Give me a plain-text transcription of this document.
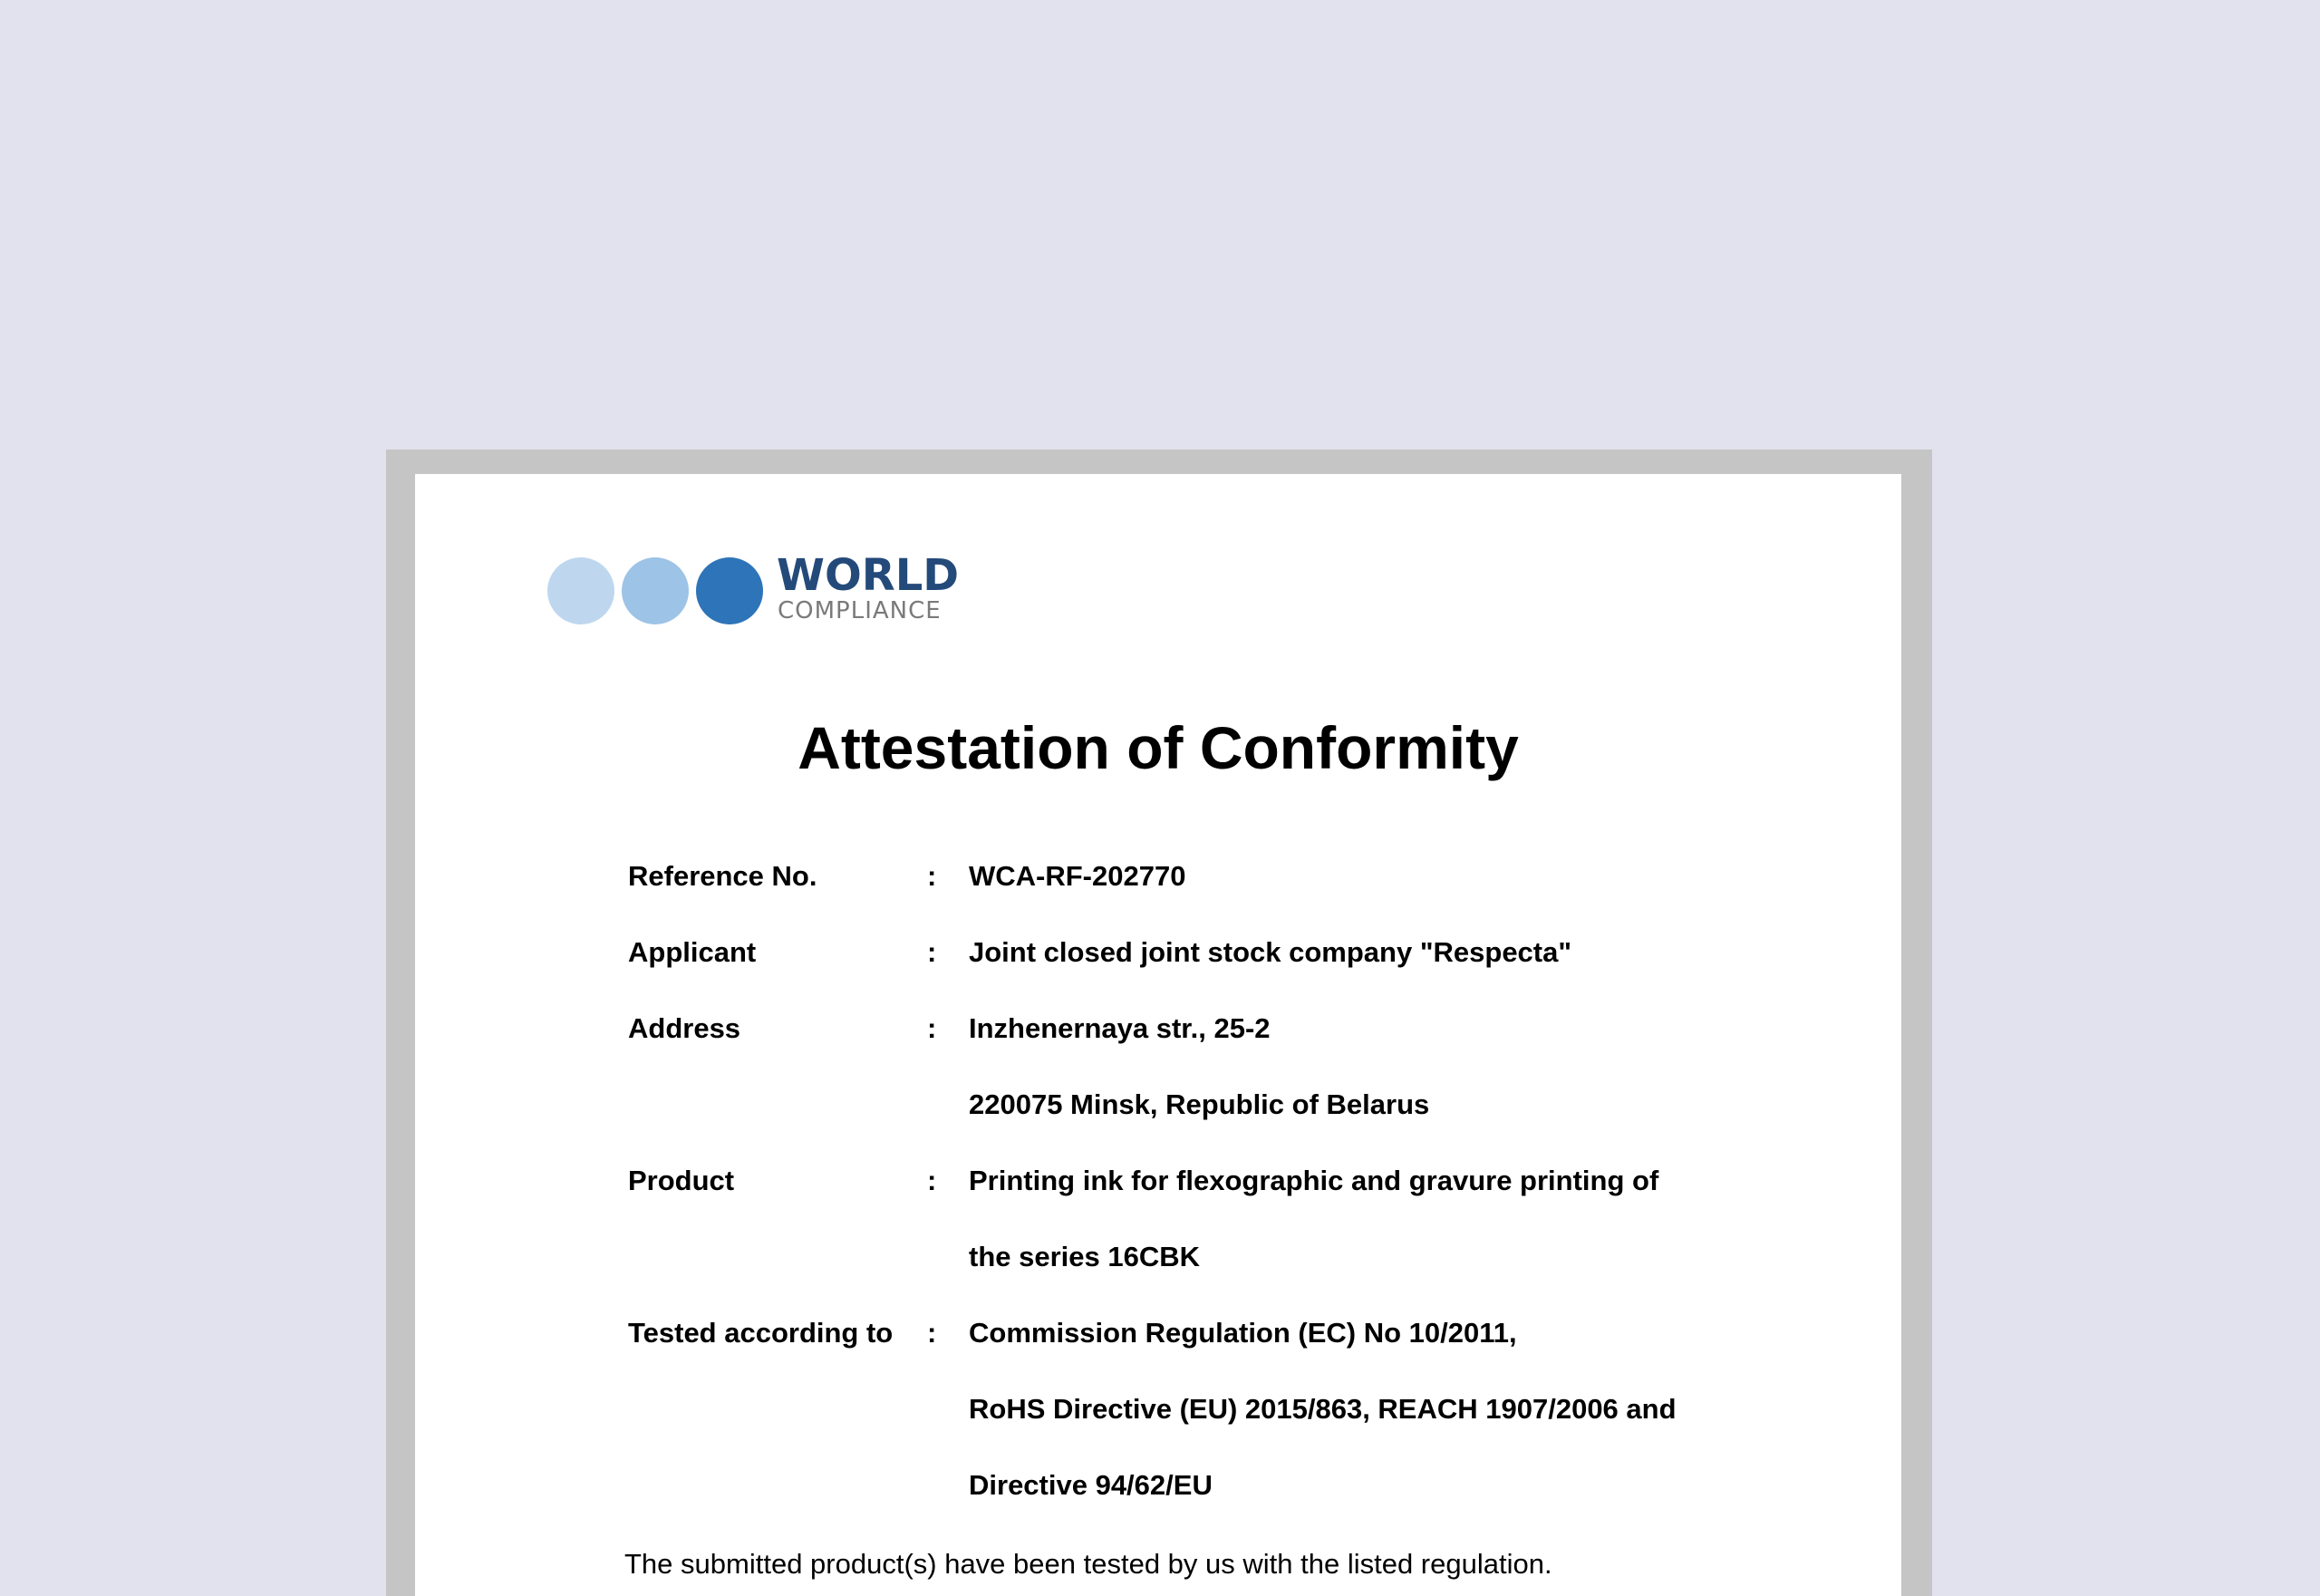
WORLD
COMPLIANCE
Attestation of Conformity
The submitted product(s) have been tested by us with the listed regulation.
Reference No.	: WCA-RF-202770
Applicant	: Joint closed joint stock company "Respecta"
Address	: Inzhenernaya str., 25-2
220075 Minsk, Republic of Belarus
Product	: Printing ink for flexographic and gravure printing of
the series 16CBK
Tested according to : Commission Regulation (EC) No 10/2011,
RoHS Directive (EU) 2015/863, REACH 1907/2006 and
Directive 94/62/EU
